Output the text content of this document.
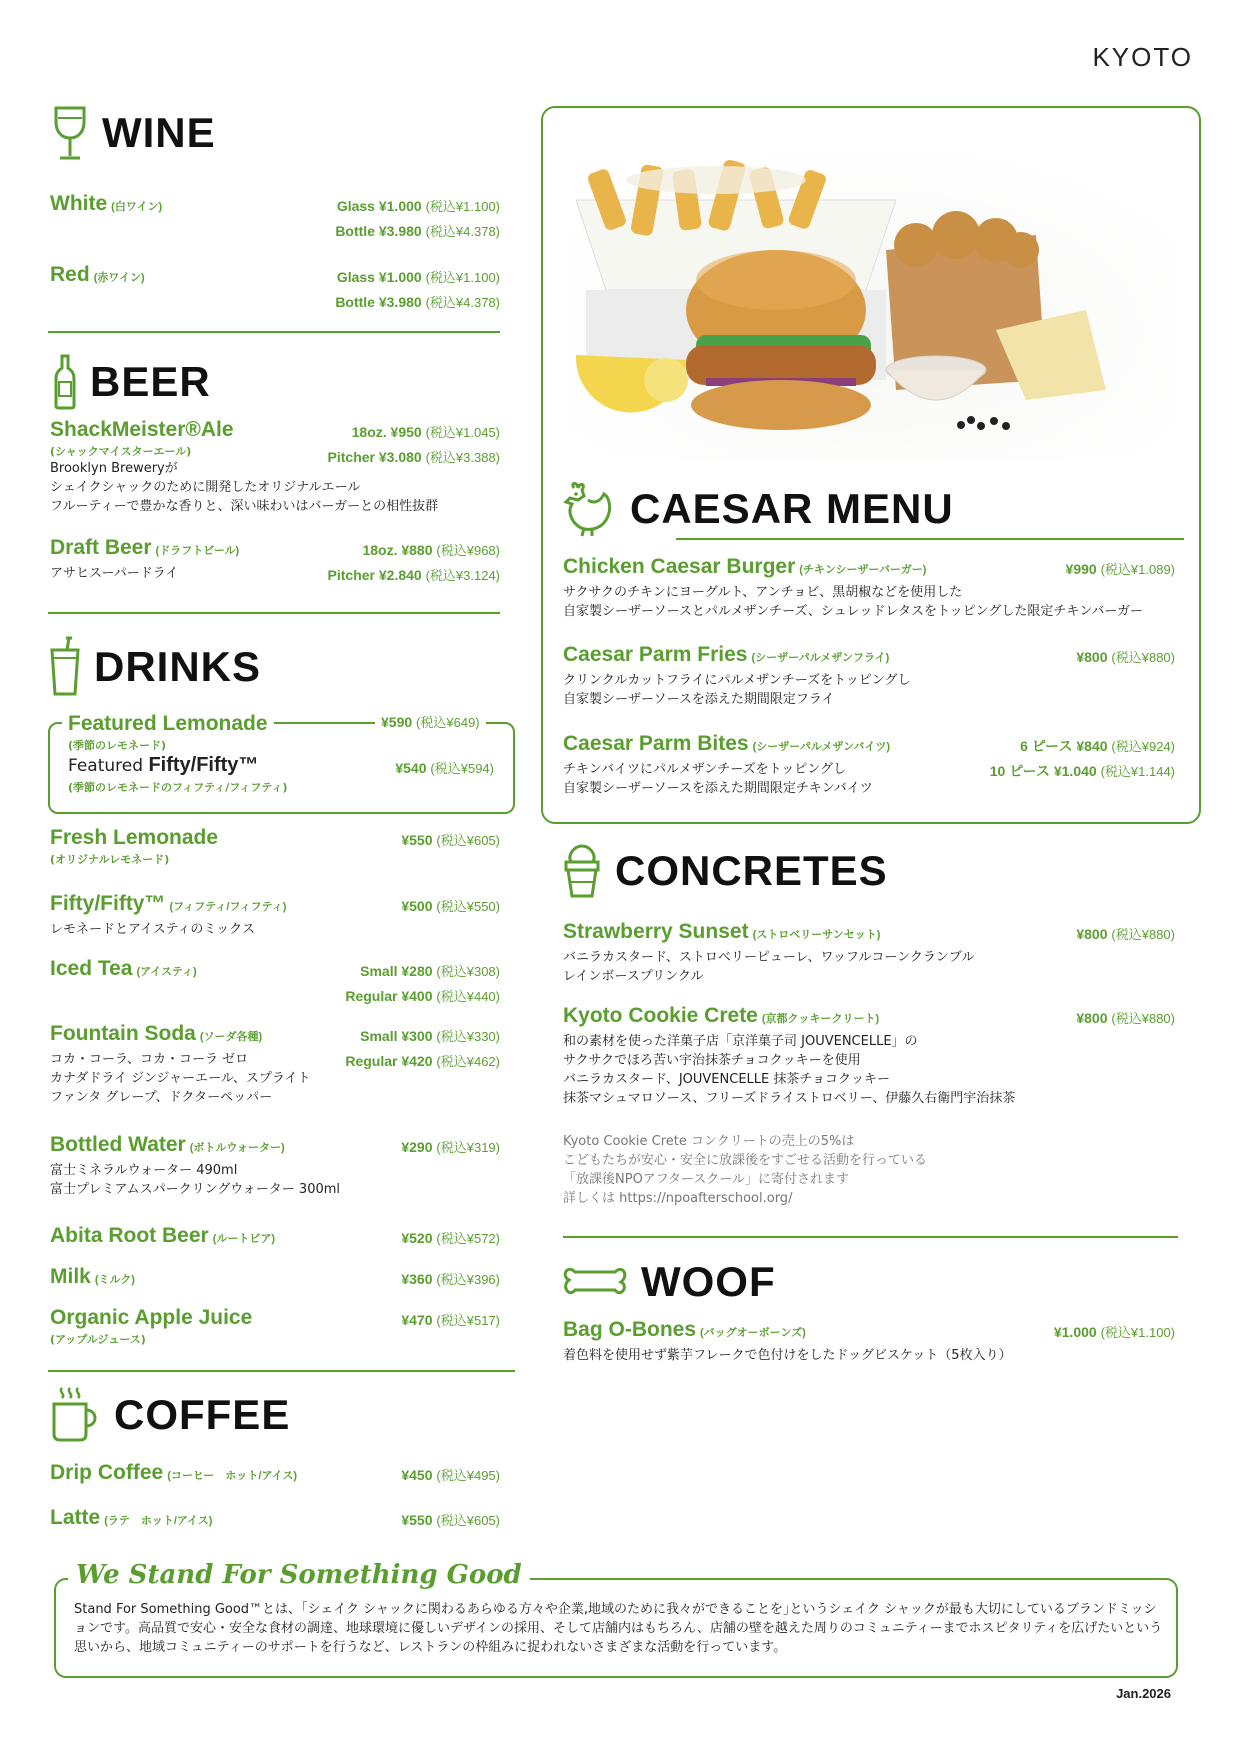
KYOTO
WINE
White (白ワイン)	Glass ¥1.000 (税込¥1.100)
Bottle ¥3.980 (税込¥4.378)
Red (赤ワイン)	Glass ¥1.000 (税込¥1.100)
Bottle ¥3.980 (税込¥4.378)
BEER
ShackMeister®Ale
(シャックマイスターエール)
Brooklyn Breweryが
シェイクシャックのために開発したオリジナルエール
フルーティーで豊かな香りと、深い味わいはバーガーとの相性抜群
18oz. ¥950 (税込¥1.045)
Pitcher ¥3.080 (税込¥3.388)
Draft Beer (ドラフトビール)
アサヒスーパードライ
18oz. ¥880 (税込¥968)
Pitcher ¥2.840 (税込¥3.124)
DRINKS
Featured Lemonade
(季節のレモネード)
¥590 (税込¥649)
Featured Fifty/Fifty™
(季節のレモネードのフィフティ/フィフティ)
¥540 (税込¥594)
Fresh Lemonade
(オリジナルレモネード)
¥550 (税込¥605)
Fifty/Fifty™ (フィフティ/フィフティ)
レモネードとアイスティのミックス
¥500 (税込¥550)
Iced Tea (アイスティ)	Small ¥280 (税込¥308)
Regular ¥400 (税込¥440)
Fountain Soda (ソーダ各種)
コカ・コーラ、コカ・コーラ ゼロ
カナダドライ ジンジャーエール、スプライト
ファンタ グレープ、ドクターペッパー
Small ¥300 (税込¥330)
Regular ¥420 (税込¥462)
Bottled Water (ボトルウォーター)
富士ミネラルウォーター 490ml
富士プレミアムスパークリングウォーター 300ml
¥290 (税込¥319)
Abita Root Beer (ルートビア)	¥520 (税込¥572)
Milk (ミルク)	¥360 (税込¥396)
Organic Apple Juice
(アップルジュース)
¥470 (税込¥517)
COFFEE
Drip Coffee (コーヒー　ホット/アイス)	¥450 (税込¥495)
Latte (ラテ　ホット/アイス)	¥550 (税込¥605)
CAESAR MENU
Chicken Caesar Burger (チキンシーザーバーガー)
サクサクのチキンにヨーグルト、アンチョビ、黒胡椒などを使用した
自家製シーザーソースとパルメザンチーズ、シュレッドレタスをトッピングした限定チキンバーガー
¥990 (税込¥1.089)
Caesar Parm Fries (シーザーパルメザンフライ)
クリンクルカットフライにパルメザンチーズをトッピングし
自家製シーザーソースを添えた期間限定フライ
¥800 (税込¥880)
Caesar Parm Bites (シーザーパルメザンバイツ)
チキンバイツにパルメザンチーズをトッピングし
自家製シーザーソースを添えた期間限定チキンバイツ
6 ピース ¥840 (税込¥924)
10 ピース ¥1.040 (税込¥1.144)
CONCRETES
Strawberry Sunset (ストロベリーサンセット)
バニラカスタード、ストロベリーピューレ、ワッフルコーンクランブル
レインボースプリンクル
¥800 (税込¥880)
Kyoto Cookie Crete (京都クッキークリート)
和の素材を使った洋菓子店「京洋菓子司 JOUVENCELLE」の
サクサクでほろ苦い宇治抹茶チョコクッキーを使用
バニラカスタード、JOUVENCELLE 抹茶チョコクッキー
抹茶マシュマロソース、フリーズドライストロベリー、伊藤久右衛門宇治抹茶
¥800 (税込¥880)
Kyoto Cookie Crete コンクリートの売上の5%は
こどもたちが安心・安全に放課後をすごせる活動を行っている
「放課後NPOアフタースクール」に寄付されます
詳しくは https://npoafterschool.org/
WOOF
Bag O-Bones (バッグオーボーンズ)
着色料を使用せず紫芋フレークで色付けをしたドッグビスケット（5枚入り）
¥1.000 (税込¥1.100)
We Stand For Something Good
Stand For Something Good™とは、｢シェイク シャックに関わるあらゆる方々や企業,地域のために我々ができることを｣というシェイク シャックが最も大切にしているブランドミッションです。高品質で安心・安全な食材の調達、地球環境に優しいデザインの採用、そして店舗内はもちろん、店舗の壁を越えた周りのコミュニティーまでホスピタリティを広げたいという思いから、地域コミュニティーのサポートを行うなど、レストランの枠組みに捉われないさまざまな活動を行っています。
Jan.2026
